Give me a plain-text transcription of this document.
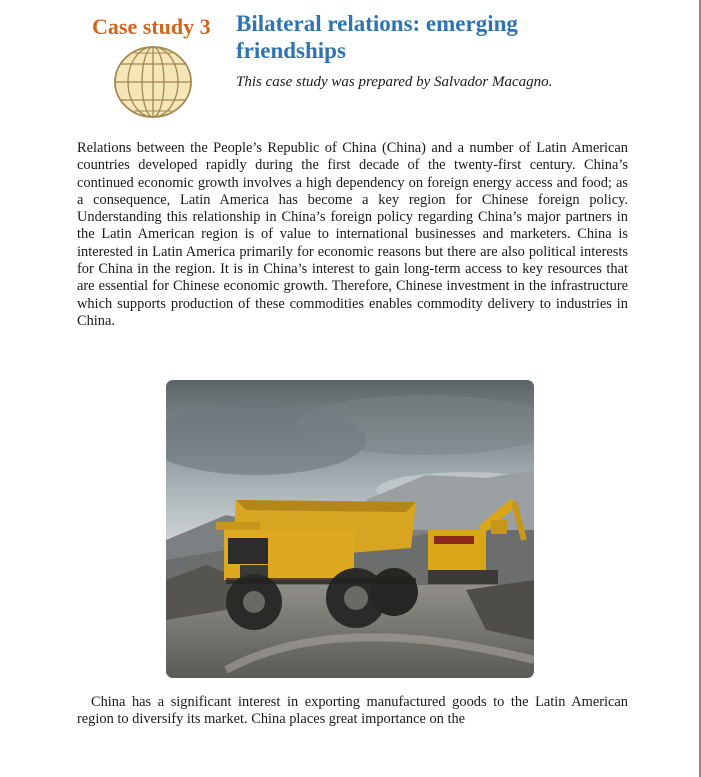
Case study 3 Bilateral relations: emerging friendships
This case study was prepared by Salvador Macagno.

Relations between the People’s Republic of China (China) and a number of Latin American countries developed rapidly during the first decade of the twenty-first century. China’s continued economic growth involves a high dependency on foreign energy access and food; as a consequence, Latin America has become a key region for Chinese foreign policy. Understanding this relationship in China’s foreign policy regarding China’s major partners in the Latin American region is of value to international businesses and marketers. China is interested in Latin America primarily for economic reasons but there are also political interests for China in the region. It is in China’s interest to gain long-term access to key resources that are essential for Chinese economic growth. Therefore, Chinese investment in the infrastructure which supports production of these commodities enables commodity delivery to industries in China.

China has a significant interest in exporting manufactured goods to the Latin American region to diversify its market. China places great importance on the
